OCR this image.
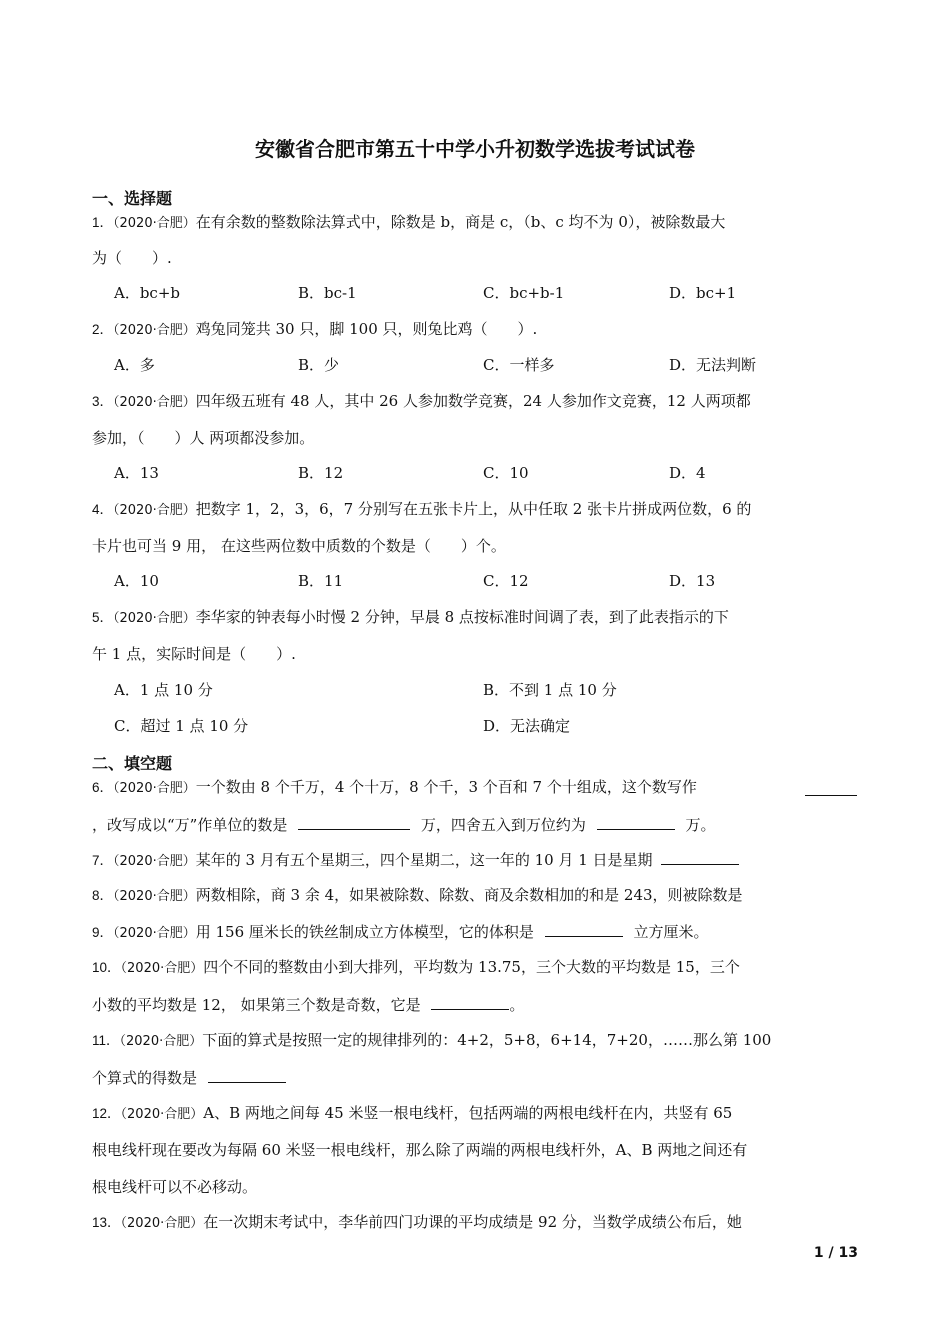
安徽省合肥市第五十中学小升初数学选拔考试试卷
一、选择题
1．（2020·合肥）在有余数的整数除法算式中，除数是 b，商是 c，（b、c 均不为 0），被除数最大
为（　　）.
A．bc+b	B．bc-1	C．bc+b-1	D．bc+1
2．（2020·合肥）鸡兔同笼共 30 只，脚 100 只，则兔比鸡（　　）.
A．多	B．少	C．一样多	D．无法判断
3．（2020·合肥）四年级五班有 48 人，其中 26 人参加数学竞赛，24 人参加作文竞赛，12 人两项都
参加，（　　）人 两项都没参加。
A．13	B．12	C．10	D．4
4．（2020·合肥）把数字 1，2，3，6，7 分别写在五张卡片上，从中任取 2 张卡片拼成两位数，6 的
卡片也可当 9 用， 在这些两位数中质数的个数是（　　）个。
A．10	B．11	C．12	D．13
5．（2020·合肥）李华家的钟表每小时慢 2 分钟，早晨 8 点按标准时间调了表，到了此表指示的下
午 1 点，实际时间是（　　）.
A．1 点 10 分	B．不到 1 点 10 分
C．超过 1 点 10 分	D．无法确定
二、填空题
6．（2020·合肥）一个数由 8 个千万，4 个十万，8 个千，3 个百和 7 个十组成，这个数写作
，改写成以“万”作单位的数是	万，四舍五入到万位约为	万。
7．（2020·合肥）某年的 3 月有五个星期三，四个星期二，这一年的 10 月 1 日是星期
8．（2020·合肥）两数相除，商 3 余 4，如果被除数、除数、商及余数相加的和是 243，则被除数是
9．（2020·合肥）用 156 厘米长的铁丝制成立方体模型，它的体积是	立方厘米。
10．（2020·合肥）四个不同的整数由小到大排列，平均数为 13.75，三个大数的平均数是 15，三个
小数的平均数是 12， 如果第三个数是奇数，它是	。
11．（2020·合肥）下面的算式是按照一定的规律排列的：4+2，5+8，6+14，7+20，……那么第 100
个算式的得数是
12．（2020·合肥）A、B 两地之间每 45 米竖一根电线杆，包括两端的两根电线杆在内，共竖有 65
根电线杆现在要改为每隔 60 米竖一根电线杆，那么除了两端的两根电线杆外，A、B 两地之间还有
根电线杆可以不必移动。
13．（2020·合肥）在一次期末考试中，李华前四门功课的平均成绩是 92 分，当数学成绩公布后，她
1 / 13
